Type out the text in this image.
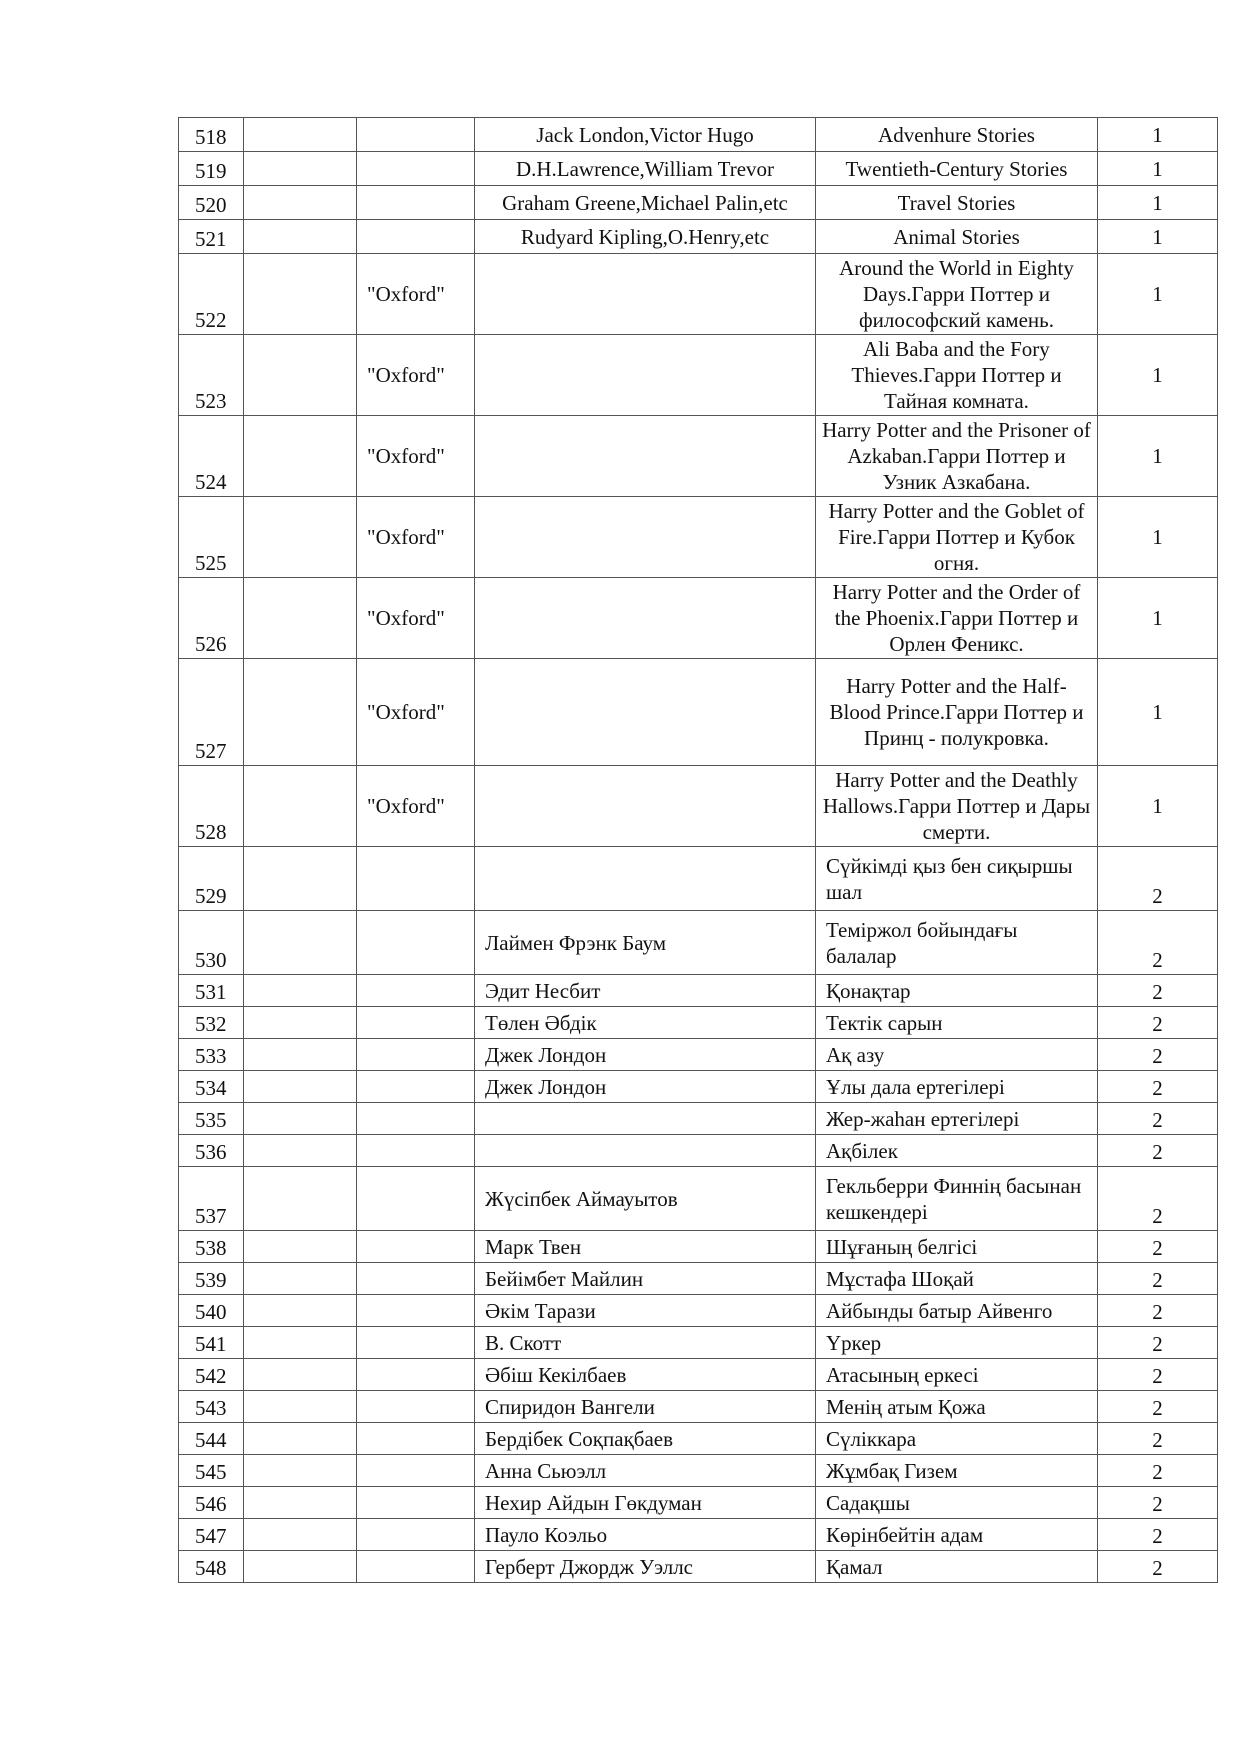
518			Jack London,Victor Hugo	Advenhure Stories	1
519			D.H.Lawrence,William Trevor	Twentieth-Century Stories	1
520			Graham Greene,Michael Palin,etc	Travel Stories	1
521			Rudyard Kipling,O.Henry,etc	Animal Stories	1
522		"Oxford"		Around the World in Eighty Days.Гарри Поттер и философский камень.	1
523		"Oxford"		Ali Baba and the Fory Thieves.Гарри Поттер и Тайная комната.	1
524		"Oxford"		Harry Potter and the Prisoner of Azkaban.Гарри Поттер и Узник Азкабана.	1
525		"Oxford"		Harry Potter and the Goblet of Fire.Гарри Поттер и Кубок огня.	1
526		"Oxford"		Harry Potter and the Order of the Phoenix.Гарри Поттер и Орлен Феникс.	1
527		"Oxford"		Harry Potter and the Half-Blood Prince.Гарри Поттер и Принц - полукровка.	1
528		"Oxford"		Harry Potter and the Deathly Hallows.Гарри Поттер и Дары смерти.	1
529				Сүйкімді қыз бен сиқыршы шал	2
530			Лаймен Фрэнк Баум	Теміржол бойындағы балалар	2
531			Эдит Несбит	Қонақтар	2
532			Төлен Әбдік	Тектік сарын	2
533			Джек Лондон	Ақ азу	2
534			Джек Лондон	Ұлы дала ертегілері	2
535				Жер-жаһан ертегілері	2
536				Ақбілек	2
537			Жүсіпбек Аймауытов	Гекльберри Финнің басынан кешкендері	2
538			Марк Твен	Шұғаның белгісі	2
539			Бейімбет Майлин	Мұстафа Шоқай	2
540			Әкім Тарази	Айбынды батыр Айвенго	2
541			В. Скотт	Үркер	2
542			Әбіш Кекілбаев	Атасының еркесі	2
543			Спиридон Вангели	Менің атым Қожа	2
544			Бердібек Соқпақбаев	Сүліккара	2
545			Анна Сьюэлл	Жұмбақ Гизем	2
546			Нехир Айдын Гөкдуман	Садақшы	2
547			Пауло Коэльо	Көрінбейтін адам	2
548			Герберт Джордж Уэллс	Қамал	2
